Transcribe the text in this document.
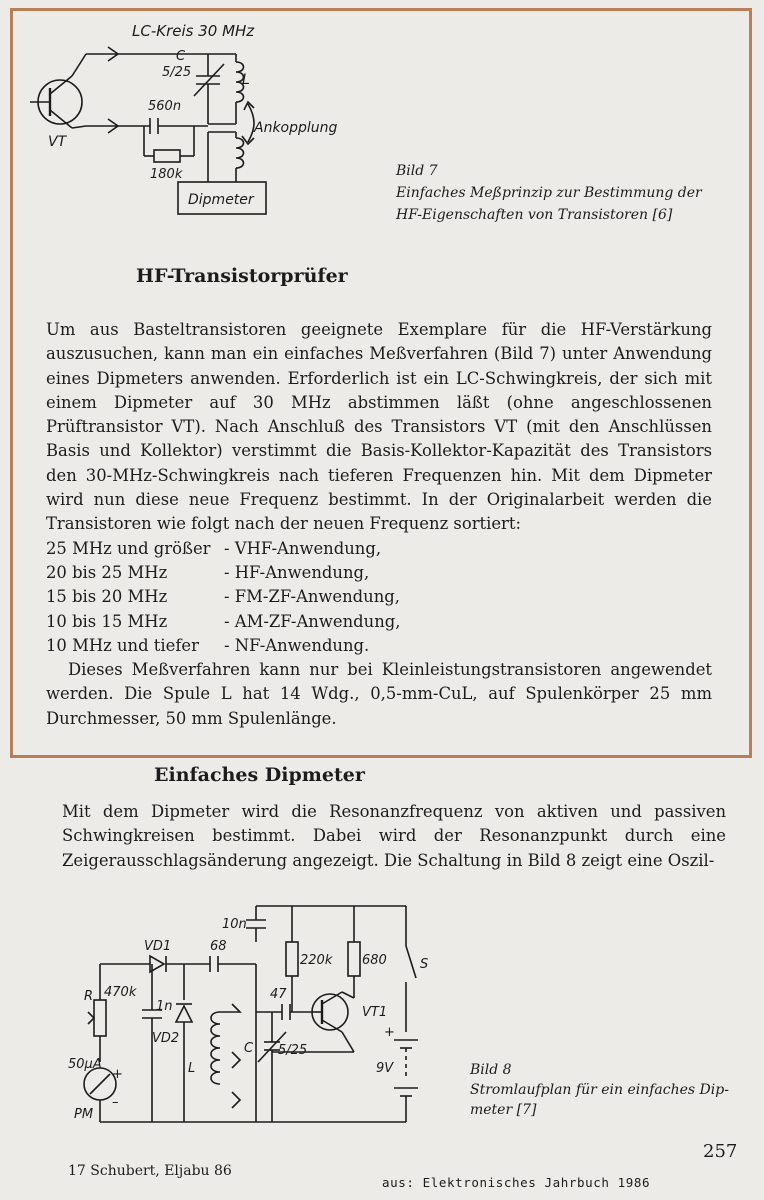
LC-Kreis 30 MHz
C
5/25	L
560n
180k
VT
Ankopplung
Dipmeter
Bild 7
Einfaches Meßprinzip zur Bestimmung der
HF-Eigenschaften von Transistoren [6]
HF-Transistorprüfer

Um aus Basteltransistoren geeignete Exemplare für die HF-Verstärkung auszusuchen, kann man ein einfaches Meßverfahren (Bild 7) unter Anwendung eines Dipmeters anwenden. Erforderlich ist ein LC-Schwingkreis, der sich mit einem Dipmeter auf 30 MHz abstimmen läßt (ohne angeschlossenen Prüftransistor VT). Nach Anschluß des Transistors VT (mit den Anschlüssen Basis und Kollektor) verstimmt die Basis-Kollektor-Kapazität des Transistors den 30-MHz-Schwingkreis nach tieferen Frequenzen hin. Mit dem Dipmeter wird nun diese neue Frequenz bestimmt. In der Originalarbeit werden die Transistoren wie folgt nach der neuen Frequenz sortiert:

25 MHz und größer - VHF-Anwendung,
20 bis 25 MHz	- HF-Anwendung,
15 bis 20 MHz	- FM-ZF-Anwendung,
10 bis 15 MHz	- AM-ZF-Anwendung,
10 MHz und tiefer	- NF-Anwendung.

Dieses Meßverfahren kann nur bei Kleinleistungstransistoren angewendet werden. Die Spule L hat 14 Wdg., 0,5-mm-CuL, auf Spulenkörper 25 mm Durchmesser, 50 mm Spulenlänge.

Einfaches Dipmeter

Mit dem Dipmeter wird die Resonanzfrequenz von aktiven und passiven Schwingkreisen bestimmt. Dabei wird der Resonanzpunkt durch eine Zeigerausschlagsänderung angezeigt. Die Schaltung in Bild 8 zeigt eine Oszil-

10n
VD1	68
220k 680	S
R 470k
1n
47
VT1
VD2
L
C 5/25
9V
+
50µA
+
–
PM
Bild 8
Stromlaufplan für ein einfaches Dip-
meter [7]
257
17 Schubert, Eljabu 86
aus: Elektronisches Jahrbuch 1986
